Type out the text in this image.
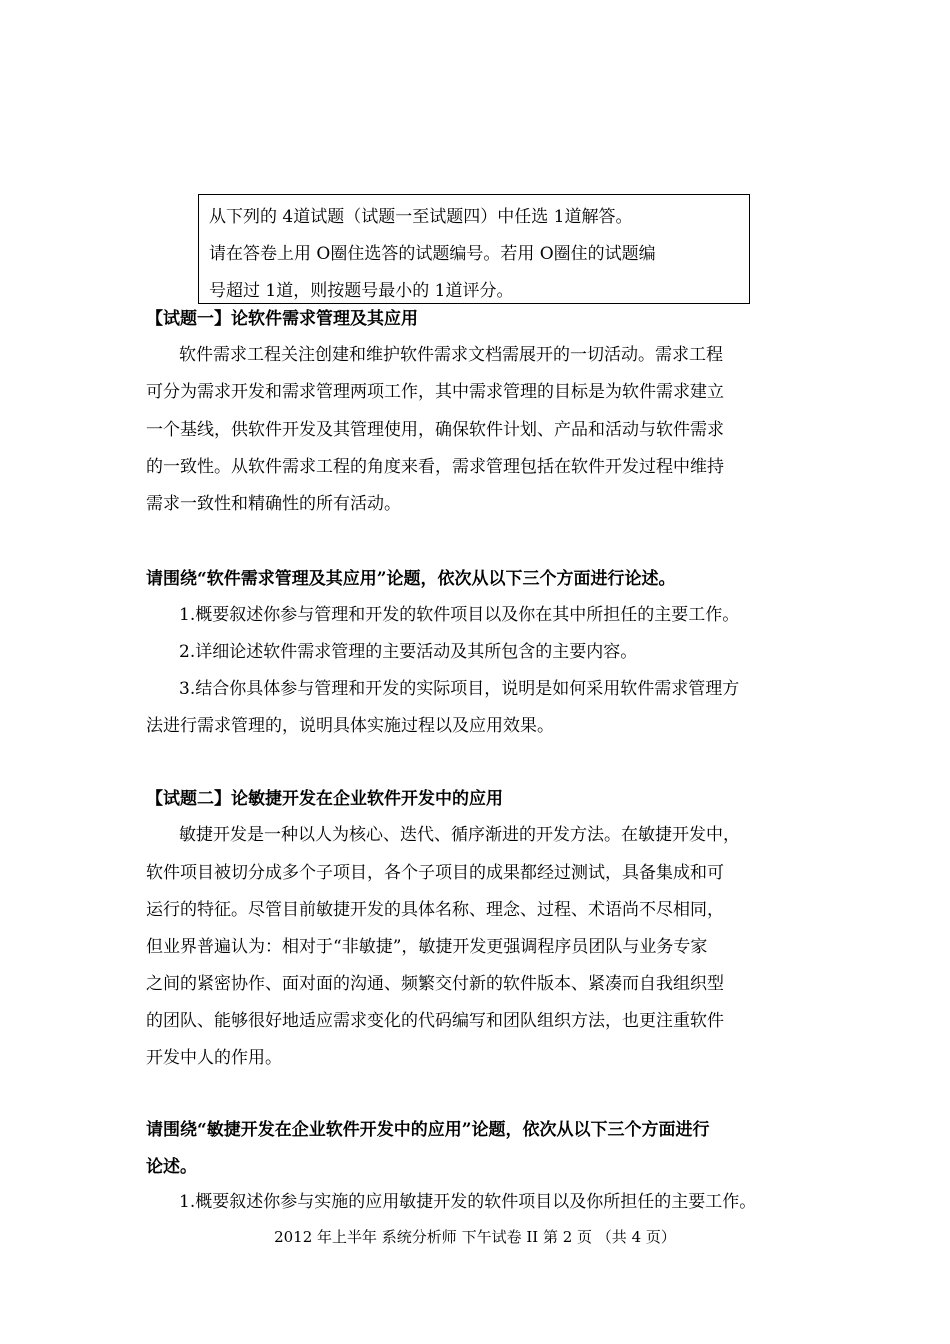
从下列的 4道试题（试题一至试题四）中任选 1道解答。
请在答卷上用 O圈住选答的试题编号。若用 O圈住的试题编
号超过 1道，则按题号最小的 1道评分。
【试题一】论软件需求管理及其应用
软件需求工程关注创建和维护软件需求文档需展开的一切活动。需求工程
可分为需求开发和需求管理两项工作，其中需求管理的目标是为软件需求建立
一个基线，供软件开发及其管理使用，确保软件计划、产品和活动与软件需求
的一致性。从软件需求工程的角度来看，需求管理包括在软件开发过程中维持
需求一致性和精确性的所有活动。
请围绕“软件需求管理及其应用”论题，依次从以下三个方面进行论述。
1.概要叙述你参与管理和开发的软件项目以及你在其中所担任的主要工作。
2.详细论述软件需求管理的主要活动及其所包含的主要内容。
3.结合你具体参与管理和开发的实际项目，说明是如何采用软件需求管理方
法进行需求管理的，说明具体实施过程以及应用效果。
【试题二】论敏捷开发在企业软件开发中的应用
敏捷开发是一种以人为核心、迭代、循序渐进的开发方法。在敏捷开发中，
软件项目被切分成多个子项目，各个子项目的成果都经过测试，具备集成和可
运行的特征。尽管目前敏捷开发的具体名称、理念、过程、术语尚不尽相同，
但业界普遍认为：相对于“非敏捷”，敏捷开发更强调程序员团队与业务专家
之间的紧密协作、面对面的沟通、频繁交付新的软件版本、紧凑而自我组织型
的团队、能够很好地适应需求变化的代码编写和团队组织方法，也更注重软件
开发中人的作用。
请围绕“敏捷开发在企业软件开发中的应用”论题，依次从以下三个方面进行
论述。
1.概要叙述你参与实施的应用敏捷开发的软件项目以及你所担任的主要工作。
2012 年上半年 系统分析师 下午试卷 II 第 2 页 （共 4 页）
